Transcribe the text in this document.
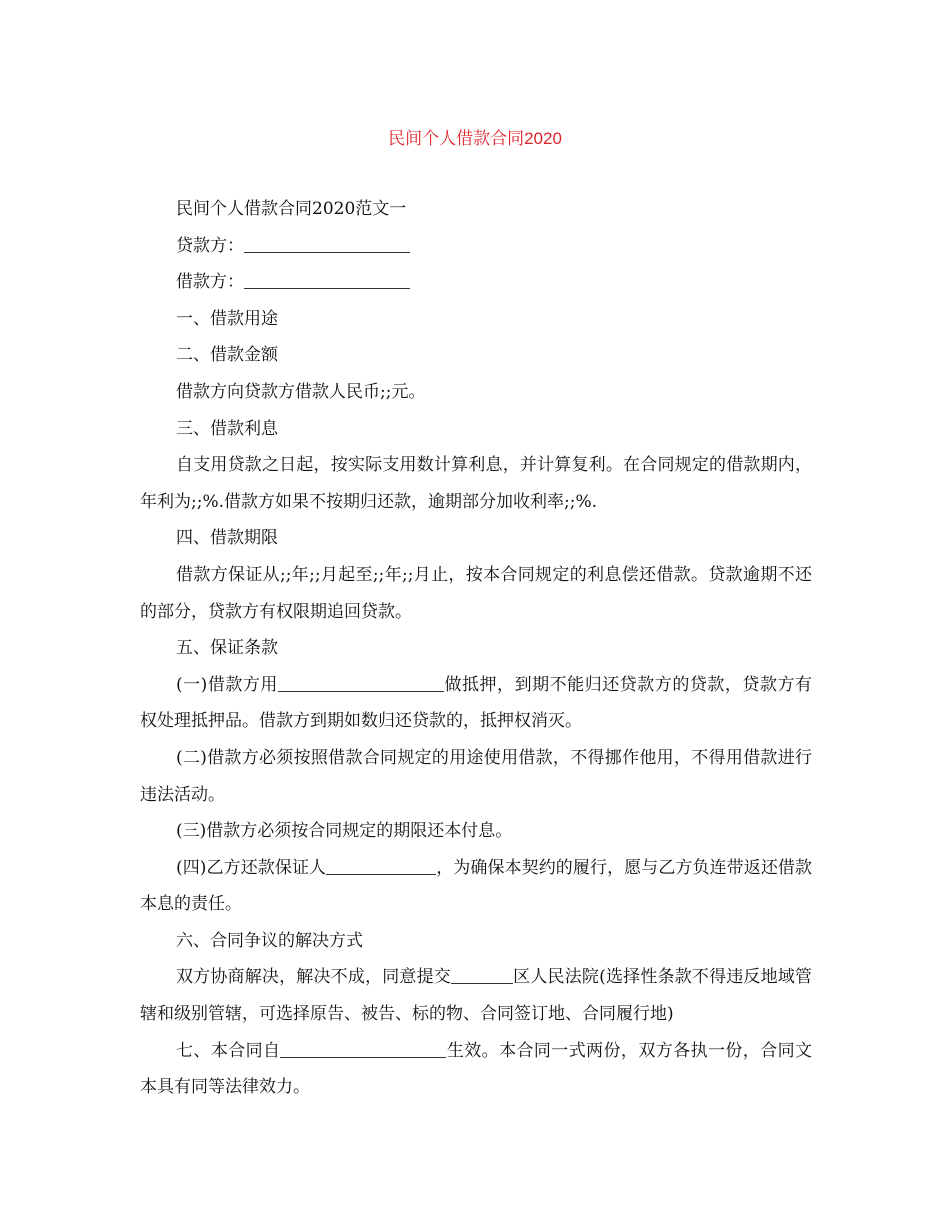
民间个人借款合同2020

民间个人借款合同2020范文一

贷款方：

借款方：

一、借款用途

二、借款金额

借款方向贷款方借款人民币;;元。

三、借款利息

自支用贷款之日起，按实际支用数计算利息，并计算复利。在合同规定的借款期内，年利为;;%.借款方如果不按期归还款，逾期部分加收利率;;%.

四、借款期限

借款方保证从;;年;;月起至;;年;;月止，按本合同规定的利息偿还借款。贷款逾期不还的部分，贷款方有权限期追回贷款。

五、保证条款

(一)借款方用	做抵押，到期不能归还贷款方的贷款，贷款方有权处理抵押品。借款方到期如数归还贷款的，抵押权消灭。

(二)借款方必须按照借款合同规定的用途使用借款，不得挪作他用，不得用借款进行违法活动。

(三)借款方必须按合同规定的期限还本付息。

(四)乙方还款保证人	，为确保本契约的履行，愿与乙方负连带返还借款本息的责任。

六、合同争议的解决方式

双方协商解决，解决不成，同意提交	区人民法院(选择性条款不得违反地域管辖和级别管辖，可选择原告、被告、标的物、合同签订地、合同履行地)

七、本合同自	生效。本合同一式两份，双方各执一份，合同文本具有同等法律效力。
